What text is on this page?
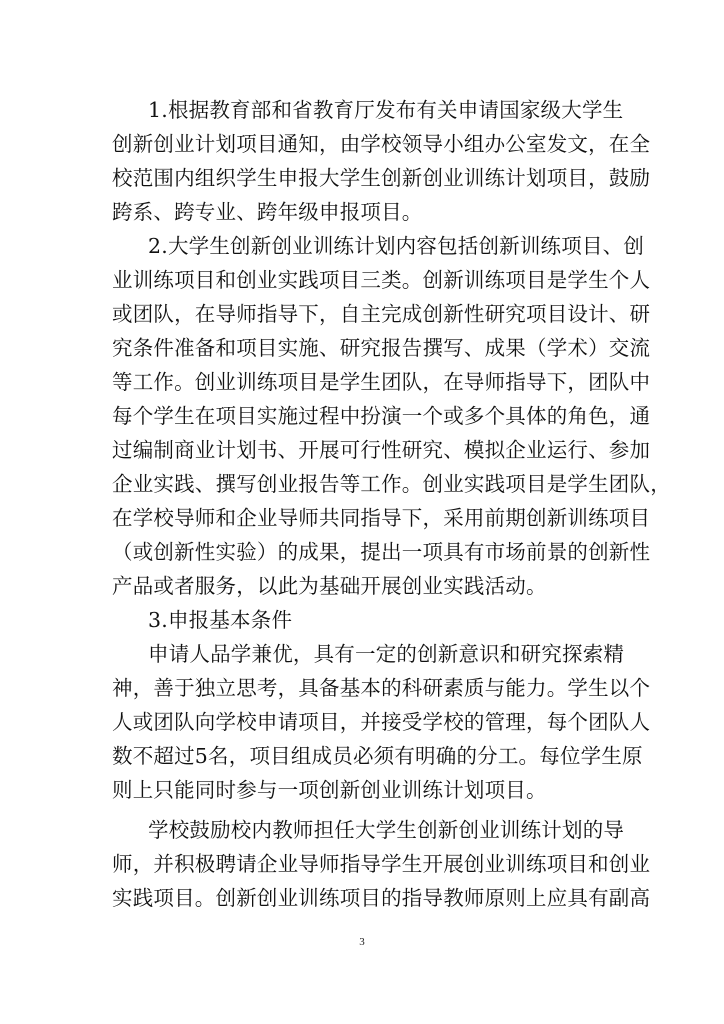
1.根据教育部和省教育厅发布有关申请国家级大学生
创新创业计划项目通知，由学校领导小组办公室发文，在全
校范围内组织学生申报大学生创新创业训练计划项目，鼓励
跨系、跨专业、跨年级申报项目。
2.大学生创新创业训练计划内容包括创新训练项目、创
业训练项目和创业实践项目三类。创新训练项目是学生个人
或团队，在导师指导下，自主完成创新性研究项目设计、研
究条件准备和项目实施、研究报告撰写、成果（学术）交流
等工作。创业训练项目是学生团队，在导师指导下，团队中
每个学生在项目实施过程中扮演一个或多个具体的角色，通
过编制商业计划书、开展可行性研究、模拟企业运行、参加
企业实践、撰写创业报告等工作。创业实践项目是学生团队，
在学校导师和企业导师共同指导下，采用前期创新训练项目
（或创新性实验）的成果，提出一项具有市场前景的创新性
产品或者服务，以此为基础开展创业实践活动。
3.申报基本条件
申请人品学兼优，具有一定的创新意识和研究探索精
神，善于独立思考，具备基本的科研素质与能力。学生以个
人或团队向学校申请项目，并接受学校的管理，每个团队人
数不超过5名，项目组成员必须有明确的分工。每位学生原
则上只能同时参与一项创新创业训练计划项目。
学校鼓励校内教师担任大学生创新创业训练计划的导
师，并积极聘请企业导师指导学生开展创业训练项目和创业
实践项目。创新创业训练项目的指导教师原则上应具有副高
3
